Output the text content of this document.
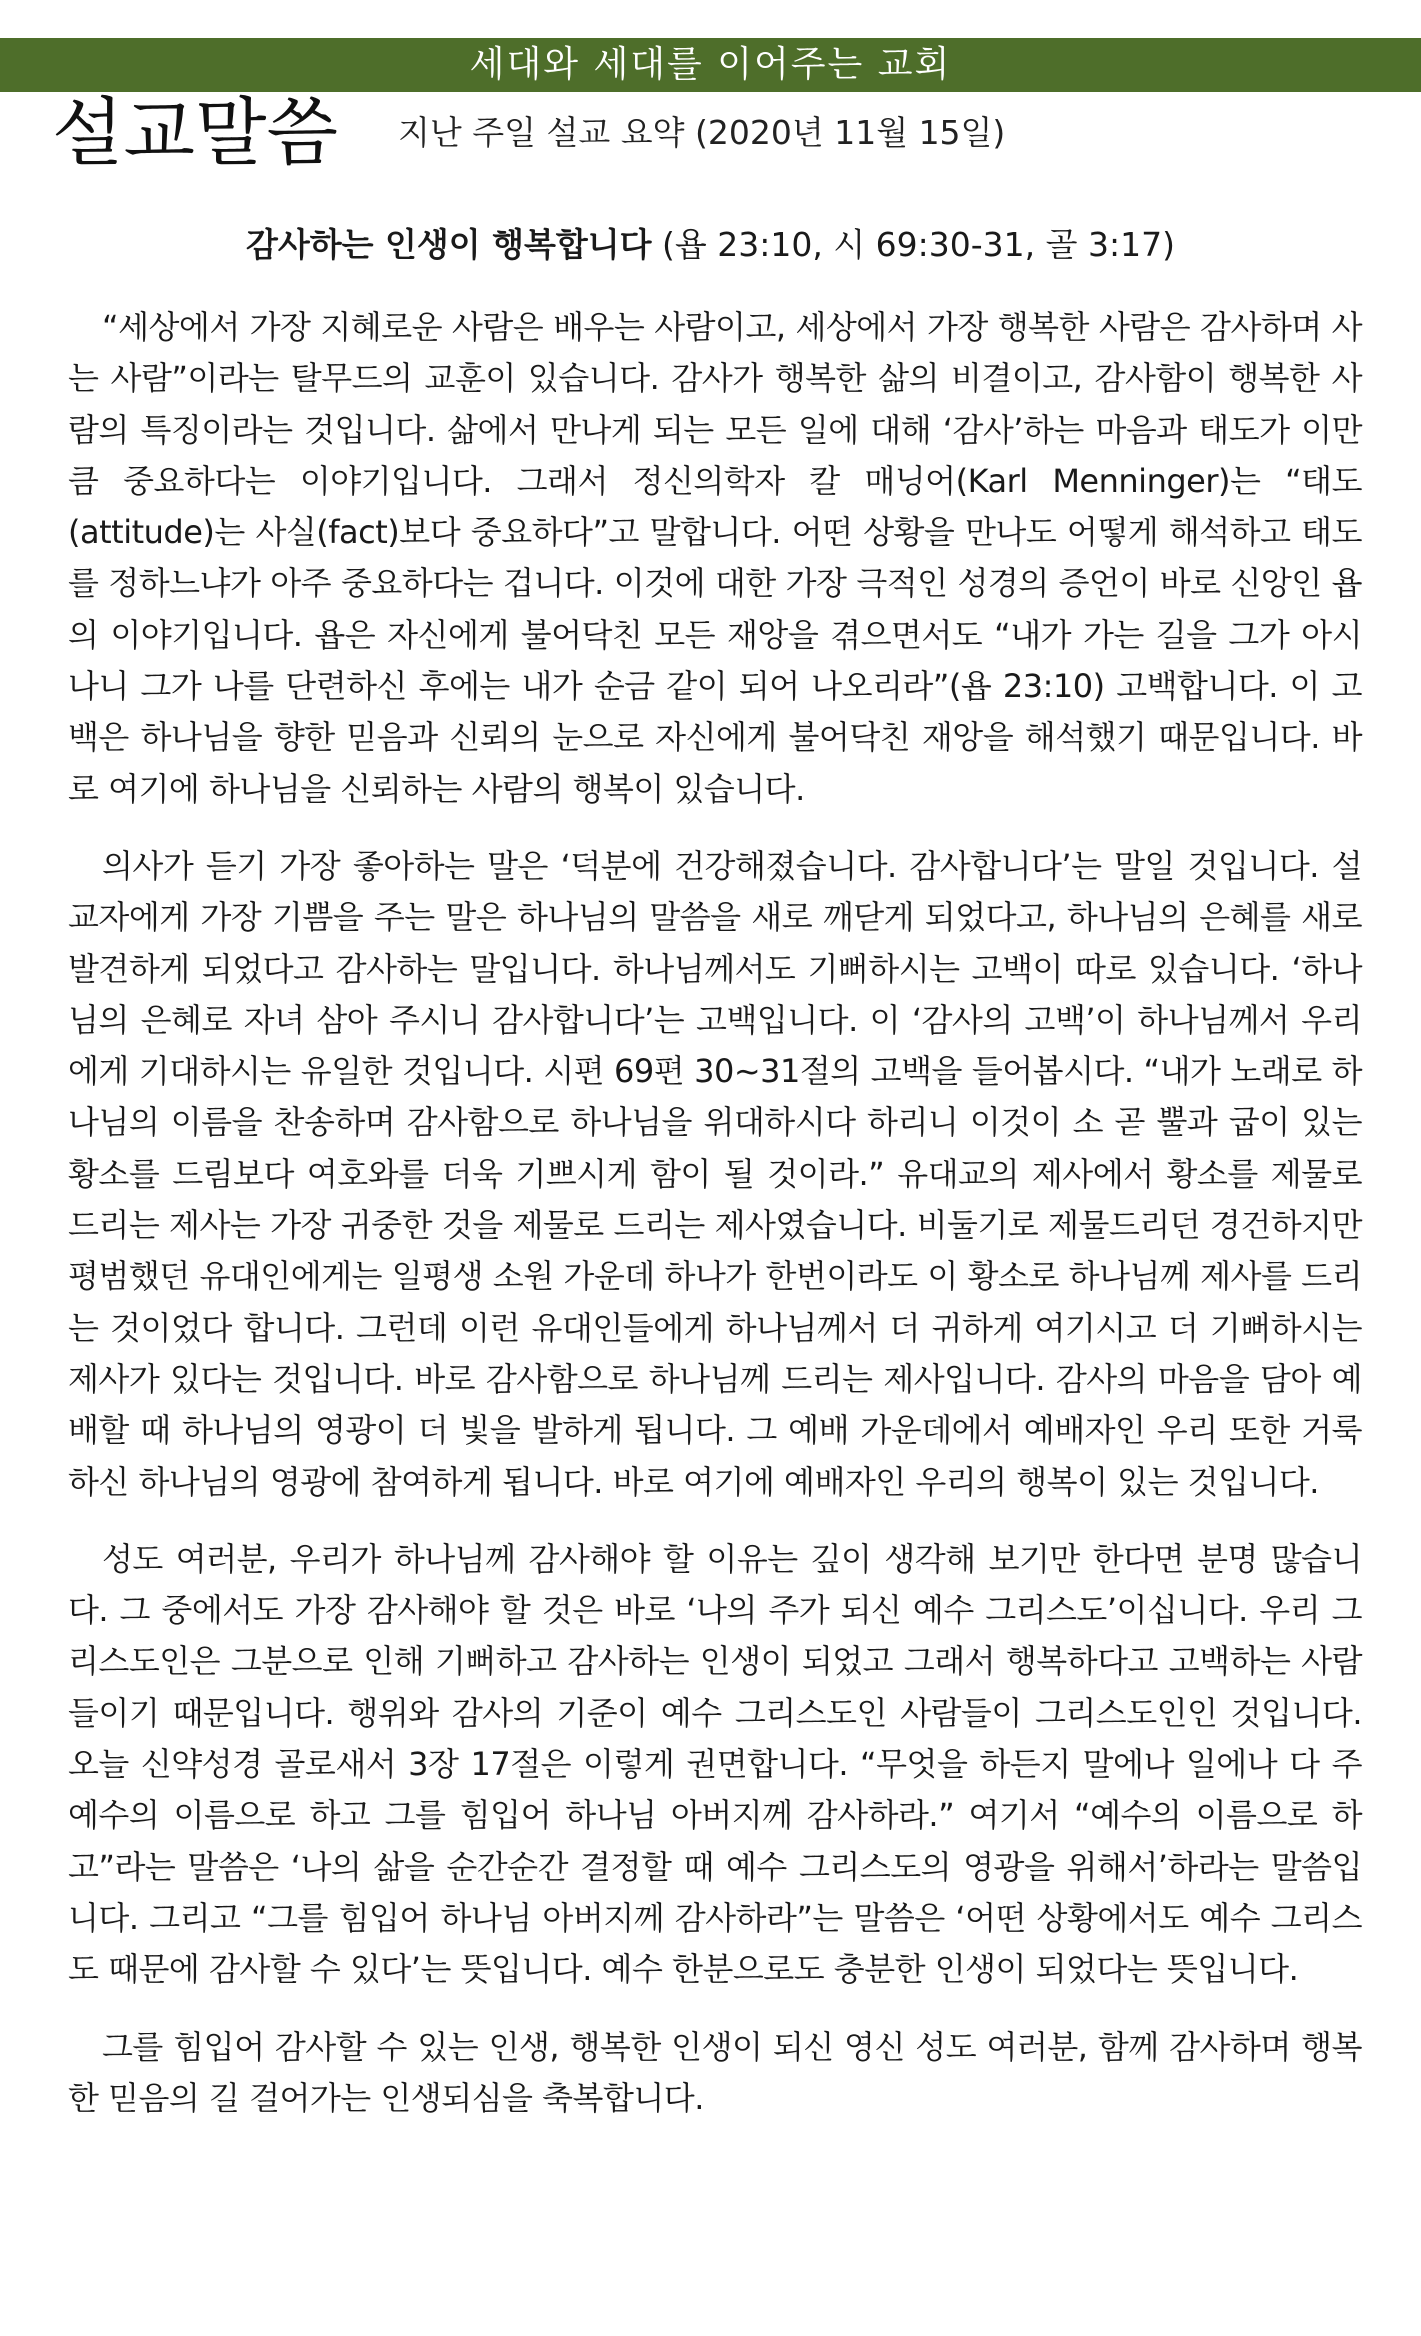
세대와 세대를 이어주는 교회
설교말씀 지난 주일 설교 요약 (2020년 11월 15일)
감사하는 인생이 행복합니다 (욥 23:10, 시 69:30-31, 골 3:17)

“세상에서 가장 지혜로운 사람은 배우는 사람이고, 세상에서 가장 행복한 사람은 감사하며 사는 사람”이라는 탈무드의 교훈이 있습니다. 감사가 행복한 삶의 비결이고, 감사함이 행복한 사람의 특징이라는 것입니다. 삶에서 만나게 되는 모든 일에 대해 ‘감사’하는 마음과 태도가 이만큼 중요하다는 이야기입니다. 그래서 정신의학자 칼 매닝어(Karl Menninger)는 “태도(attitude)는 사실(fact)보다 중요하다”고 말합니다. 어떤 상황을 만나도 어떻게 해석하고 태도를 정하느냐가 아주 중요하다는 겁니다. 이것에 대한 가장 극적인 성경의 증언이 바로 신앙인 욥의 이야기입니다. 욥은 자신에게 불어닥친 모든 재앙을 겪으면서도 “내가 가는 길을 그가 아시나니 그가 나를 단련하신 후에는 내가 순금 같이 되어 나오리라”(욥 23:10) 고백합니다. 이 고백은 하나님을 향한 믿음과 신뢰의 눈으로 자신에게 불어닥친 재앙을 해석했기 때문입니다. 바로 여기에 하나님을 신뢰하는 사람의 행복이 있습니다.

의사가 듣기 가장 좋아하는 말은 ‘덕분에 건강해졌습니다. 감사합니다’는 말일 것입니다. 설교자에게 가장 기쁨을 주는 말은 하나님의 말씀을 새로 깨닫게 되었다고, 하나님의 은혜를 새로 발견하게 되었다고 감사하는 말입니다. 하나님께서도 기뻐하시는 고백이 따로 있습니다. ‘하나님의 은혜로 자녀 삼아 주시니 감사합니다’는 고백입니다. 이 ‘감사의 고백’이 하나님께서 우리에게 기대하시는 유일한 것입니다. 시편 69편 30~31절의 고백을 들어봅시다. “내가 노래로 하나님의 이름을 찬송하며 감사함으로 하나님을 위대하시다 하리니 이것이 소 곧 뿔과 굽이 있는 황소를 드림보다 여호와를 더욱 기쁘시게 함이 될 것이라.” 유대교의 제사에서 황소를 제물로 드리는 제사는 가장 귀중한 것을 제물로 드리는 제사였습니다. 비둘기로 제물드리던 경건하지만 평범했던 유대인에게는 일평생 소원 가운데 하나가 한번이라도 이 황소로 하나님께 제사를 드리는 것이었다 합니다. 그런데 이런 유대인들에게 하나님께서 더 귀하게 여기시고 더 기뻐하시는 제사가 있다는 것입니다. 바로 감사함으로 하나님께 드리는 제사입니다. 감사의 마음을 담아 예배할 때 하나님의 영광이 더 빛을 발하게 됩니다. 그 예배 가운데에서 예배자인 우리 또한 거룩하신 하나님의 영광에 참여하게 됩니다. 바로 여기에 예배자인 우리의 행복이 있는 것입니다.

성도 여러분, 우리가 하나님께 감사해야 할 이유는 깊이 생각해 보기만 한다면 분명 많습니다. 그 중에서도 가장 감사해야 할 것은 바로 ‘나의 주가 되신 예수 그리스도’이십니다. 우리 그리스도인은 그분으로 인해 기뻐하고 감사하는 인생이 되었고 그래서 행복하다고 고백하는 사람들이기 때문입니다. 행위와 감사의 기준이 예수 그리스도인 사람들이 그리스도인인 것입니다. 오늘 신약성경 골로새서 3장 17절은 이렇게 권면합니다. “무엇을 하든지 말에나 일에나 다 주 예수의 이름으로 하고 그를 힘입어 하나님 아버지께 감사하라.” 여기서 “예수의 이름으로 하고”라는 말씀은 ‘나의 삶을 순간순간 결정할 때 예수 그리스도의 영광을 위해서’하라는 말씀입니다. 그리고 “그를 힘입어 하나님 아버지께 감사하라”는 말씀은 ‘어떤 상황에서도 예수 그리스도 때문에 감사할 수 있다’는 뜻입니다. 예수 한분으로도 충분한 인생이 되었다는 뜻입니다.

그를 힘입어 감사할 수 있는 인생, 행복한 인생이 되신 영신 성도 여러분, 함께 감사하며 행복한 믿음의 길 걸어가는 인생되심을 축복합니다.
